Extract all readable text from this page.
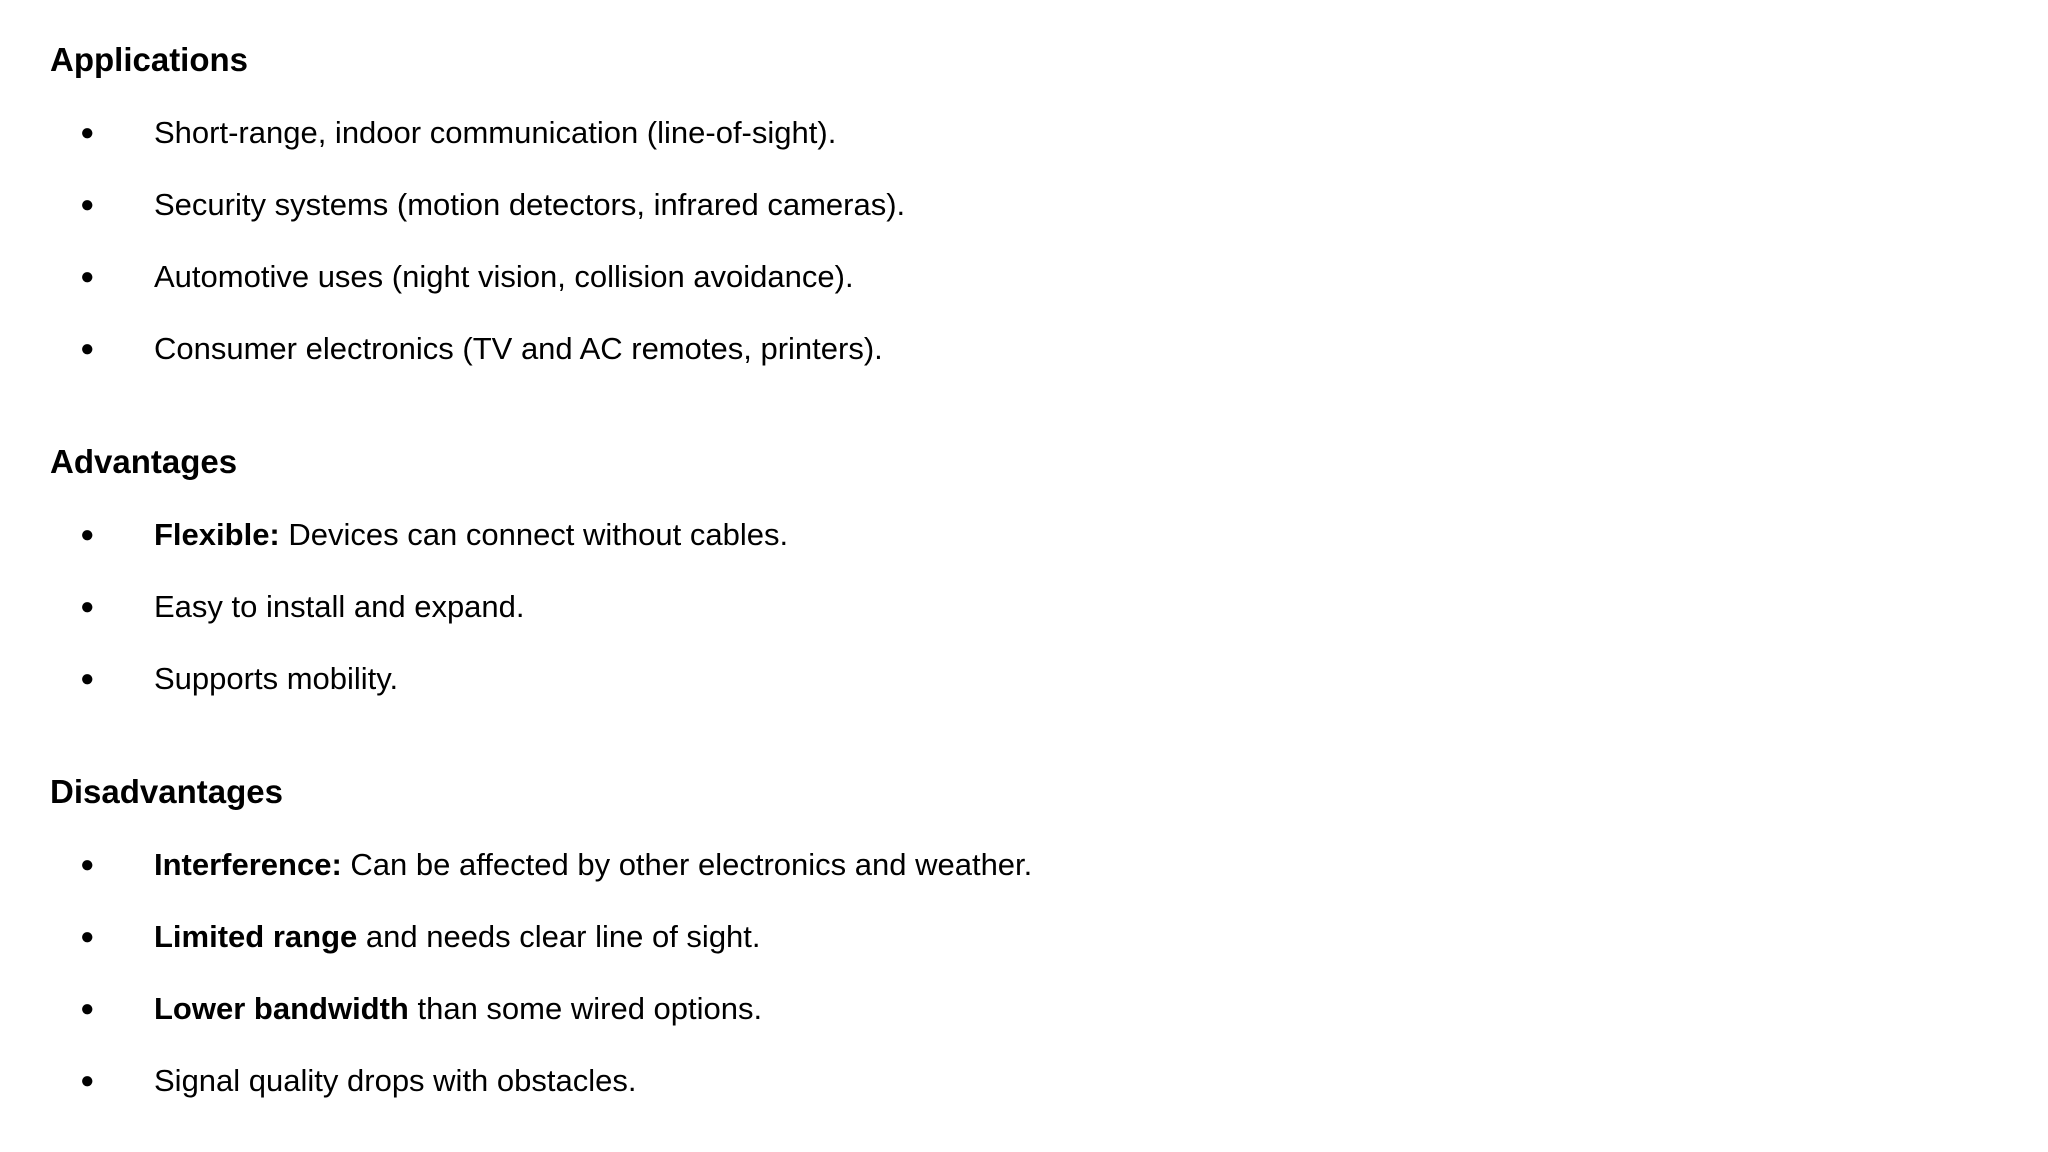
Applications
● Short-range, indoor communication (line-of-sight).
● Security systems (motion detectors, infrared cameras).
● Automotive uses (night vision, collision avoidance).
● Consumer electronics (TV and AC remotes, printers).
Advantages
● Flexible: Devices can connect without cables.
● Easy to install and expand.
● Supports mobility.
Disadvantages
● Interference: Can be affected by other electronics and weather.
● Limited range and needs clear line of sight.
● Lower bandwidth than some wired options.
● Signal quality drops with obstacles.
